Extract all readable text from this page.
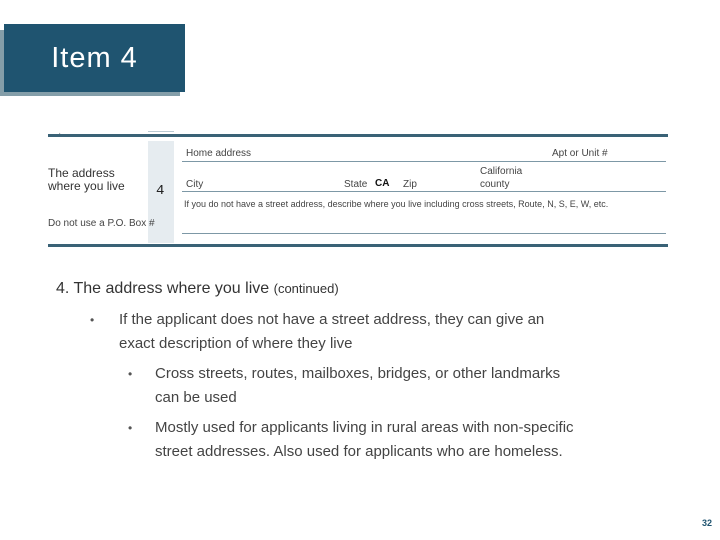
Item 4
4
The address
where you live
Do not use a P.O. Box #
Home address	Apt or Unit #
California
City	State CA Zip	county
If you do not have a street address, describe where you live including cross streets, Route, N, S, E, W, etc.
4. The address where you live (continued)
• If the applicant does not have a street address, they can give an
exact description of where they live
• Cross streets, routes, mailboxes, bridges, or other landmarks
can be used
• Mostly used for applicants living in rural areas with non-specific
street addresses. Also used for applicants who are homeless.
32
